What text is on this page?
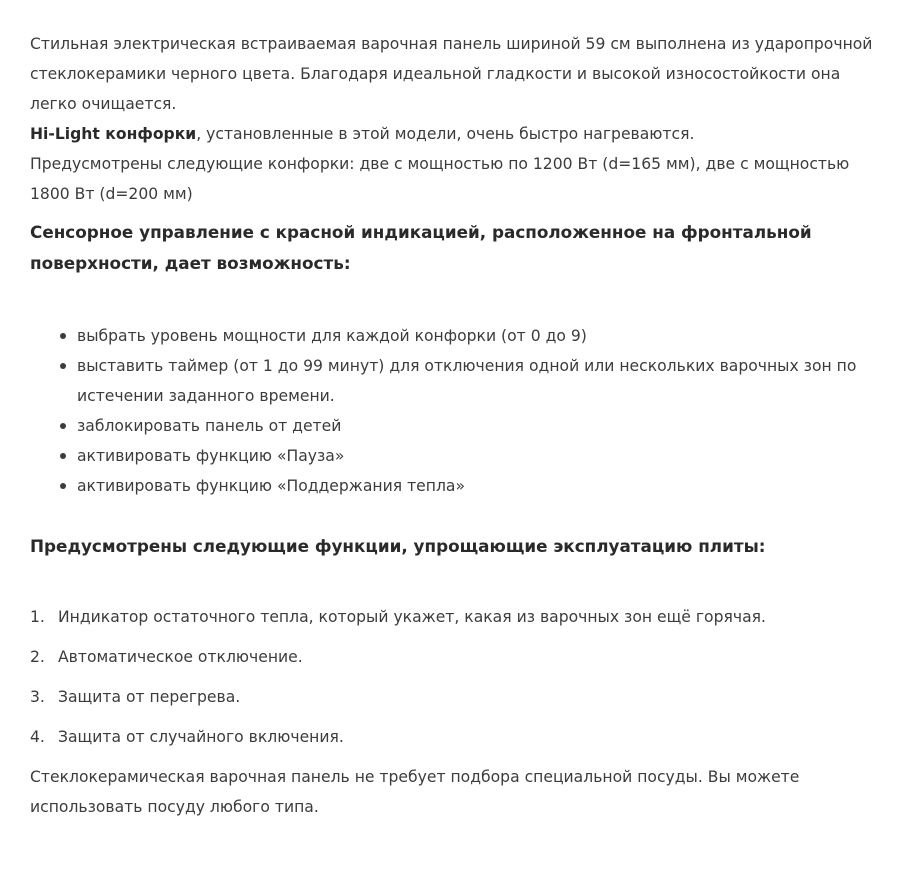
Стильная электрическая встраиваемая варочная панель шириной 59 см выполнена из ударопрочной стеклокерамики черного цвета. Благодаря идеальной гладкости и высокой износостойкости она легко очищается.
Hi-Light конфорки, установленные в этой модели, очень быстро нагреваются.
Предусмотрены следующие конфорки: две с мощностью по 1200 Вт (d=165 мм), две с мощностью 1800 Вт (d=200 мм)

Сенсорное управление с красной индикацией, расположенное на фронтальной поверхности, дает возможность:

выбрать уровень мощности для каждой конфорки (от 0 до 9)
выставить таймер (от 1 до 99 минут) для отключения одной или нескольких варочных зон по истечении заданного времени.
заблокировать панель от детей
активировать функцию «Пауза»
активировать функцию «Поддержания тепла»

Предусмотрены следующие функции, упрощающие эксплуатацию плиты:

1. Индикатор остаточного тепла, который укажет, какая из варочных зон ещё горячая.
2. Автоматическое отключение.
3. Защита от перегрева.
4. Защита от случайного включения.

Стеклокерамическая варочная панель не требует подбора специальной посуды. Вы можете использовать посуду любого типа.
